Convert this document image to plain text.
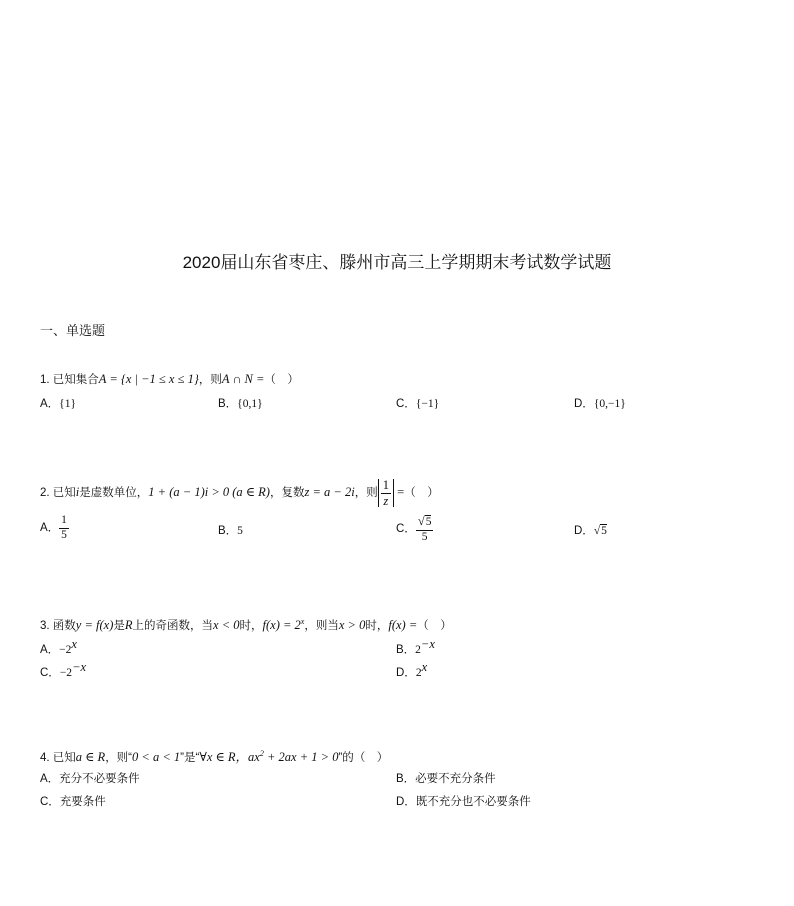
2020届山东省枣庄、滕州市高三上学期期末考试数学试题
一、单选题
1. 已知集合A = {x | −1 ≤ x ≤ 1}，则A ∩ N =（　）
A．{1}	B．{0,1}	C．{−1}	D．{0,−1}
2. 已知i是虚数单位，1 + (a − 1)i > 0 (a ∈ R)，复数z = a − 2i，则 $\frac{1}{z}$ =（　）
A． $\frac{1}{5}$	B．5	C． $\frac{√5}{5}$	D．√5
3. 函数y = f(x)是R上的奇函数，当x < 0时，$f(x) = 2^x$，则当x > 0时，f(x) =（　）
A．$-2^x$	B．$2^{-x}$
C．$-2^{-x}$	D．2$^x$
4. 已知a ∈ R，则“0 < a < 1”是“∀x ∈ R，$ax^2 + 2ax + 1 > 0$”的（　）
A．充分不必要条件	B．必要不充分条件
C．充要条件	D．既不充分也不必要条件
